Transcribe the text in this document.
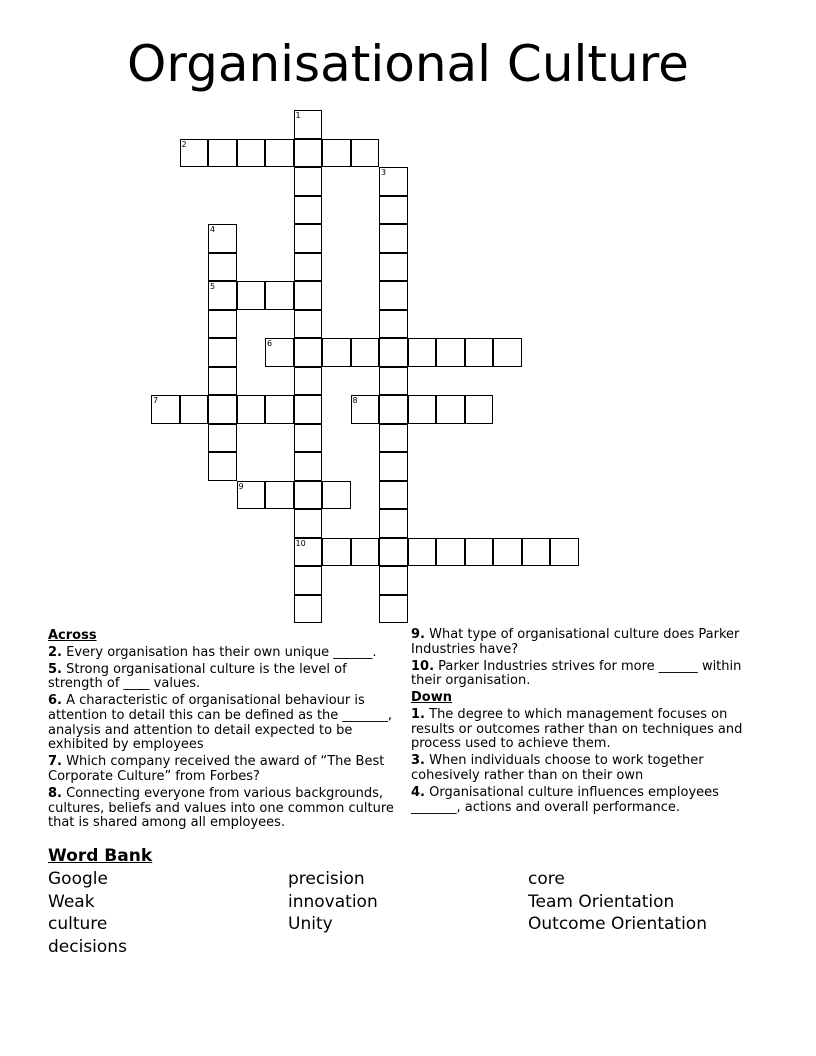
Organisational Culture
1
10
2
3
4
5
6
7	8
9
Across
2. Every organisation has their own unique ______.
5. Strong organisational culture is the level of strength of ____ values.
6. A characteristic of organisational behaviour is attention to detail this can be defined as the _______, analysis and attention to detail expected to be exhibited by employees
7. Which company received the award of “The Best Corporate Culture” from Forbes?
8. Connecting everyone from various backgrounds, cultures, beliefs and values into one common culture that is shared among all employees.
9. What type of organisational culture does Parker Industries have?
10. Parker Industries strives for more ______ within their organisation.
Down
1. The degree to which management focuses on results or outcomes rather than on techniques and process used to achieve them.
3. When individuals choose to work together cohesively rather than on their own
4. Organisational culture influences employees _______, actions and overall performance.
Word Bank
Google
Weak
culture
decisions
precision
innovation
Unity
core
Team Orientation
Outcome Orientation
